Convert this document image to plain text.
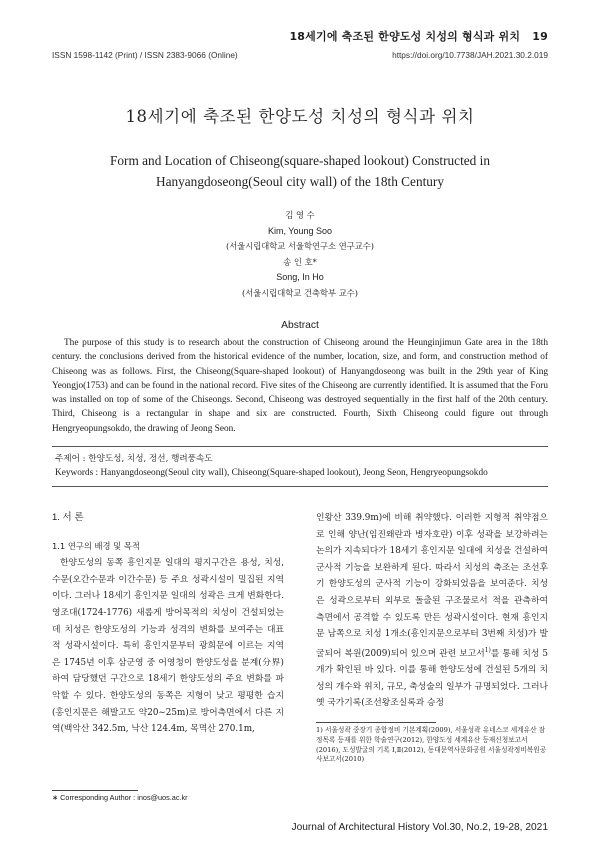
18세기에 축조된 한양도성 치성의 형식과 위치 19
ISSN 1598-1142 (Print) / ISSN 2383-9066 (Online)	https://doi.org/10.7738/JAH.2021.30.2.019
18세기에 축조된 한양도성 치성의 형식과 위치
Form and Location of Chiseong(square-shaped lookout) Constructed in
Hanyangdoseong(Seoul city wall) of the 18th Century
김 영 수
Kim, Young Soo
(서울시립대학교 서울학연구소 연구교수)
송 인 호*
Song, In Ho
(서울시립대학교 건축학부 교수)
Abstract

The purpose of this study is to research about the construction of Chiseong around the Heunginjimun Gate area in the 18th century. the conclusions derived from the historical evidence of the number, location, size, and form, and construction method of Chiseong was as follows. First, the Chiseong(Square-shaped lookout) of Hanyangdoseong was built in the 29th year of King Yeongjo(1753) and can be found in the national record. Five sites of the Chiseong are currently identified. It is assumed that the Foru was installed on top of some of the Chiseongs. Second, Chiseong was destroyed sequentially in the first half of the 20th century. Third, Chiseong is a rectangular in shape and six are constructed. Fourth, Sixth Chiseong could figure out through Hengryeopungsokdo, the drawing of Jeong Seon.

주제어 : 한양도성, 치성, 정선, 행려풍속도
Keywords : Hanyangdoseong(Seoul city wall), Chiseong(Square-shaped lookout), Jeong Seon, Hengryeopungsokdo
1. 서 론
1.1 연구의 배경 및 목적

한양도성의 동쪽 흥인지문 일대의 평지구간은 용성, 치성, 수문(오간수문과 이간수문) 등 주요 성곽시설이 밀집된 지역이다. 그러나 18세기 흥인지문 일대의 성곽은 크게 변화한다. 영조대(1724-1776) 새롭게 방어목적의 치성이 건설되었는데 치성은 한양도성의 기능과 성격의 변화를 보여주는 대표적 성곽시설이다. 특히 흥인지문부터 광희문에 이르는 지역은 1745년 이후 삼군영 중 어영청이 한양도성을 분계(分界)하여 담당했던 구간으로 18세기 한양도성의 주요 변화를 파악할 수 있다. 한양도성의 동쪽은 지형이 낮고 평평한 습지(홍인지문은 해발고도 약20∼25m)로 방어측면에서 다른 지역(백악산 342.5m, 낙산 124.4m, 목멱산 270.1m,

인왕산 339.9m)에 비해 취약했다. 이러한 지형적 취약점으로 인해 양난(임진왜란과 병자호란) 이후 성곽을 보강하려는 논의가 지속되다가 18세기 흥인지문 일대에 치성을 건설하여 군사적 기능을 보완하게 된다. 따라서 치성의 축조는 조선후기 한양도성의 군사적 기능이 강화되었음을 보여준다. 치성은 성곽으로부터 외부로 돌출된 구조물로서 적을 관측하여 측면에서 공격할 수 있도록 만든 성곽시설이다. 현재 흥인지문 남쪽으로 치성 1개소(흥인지문으로부터 3번째 치성)가 발굴되어 복원(2009)되어 있으며 관련 보고서$^{1)}$를 통해 치성 5개가 확인된 바 있다. 이를 통해 한양도성에 건설된 5개의 치성의 개수와 위치, 규모, 축성술의 일부가 규명되었다. 그러나 옛 국가기록(조선왕조실록과 승정

1) 서울성곽 중장기 종합정비 기본계획(2009), 서울성곽 유네스코 세계유산 잠정목록 등재를 위한 학술연구(2012), 한양도성 세계유산 등재신청보고서(2016), 도성발굴의 기록 Ⅰ,Ⅱ(2012), 동대문역사문화공원 서울성곽정비복원공사보고서(2010)

∗ Corresponding Author : inos@uos.ac.kr
Journal of Architectural History Vol.30, No.2, 19-28, 2021
